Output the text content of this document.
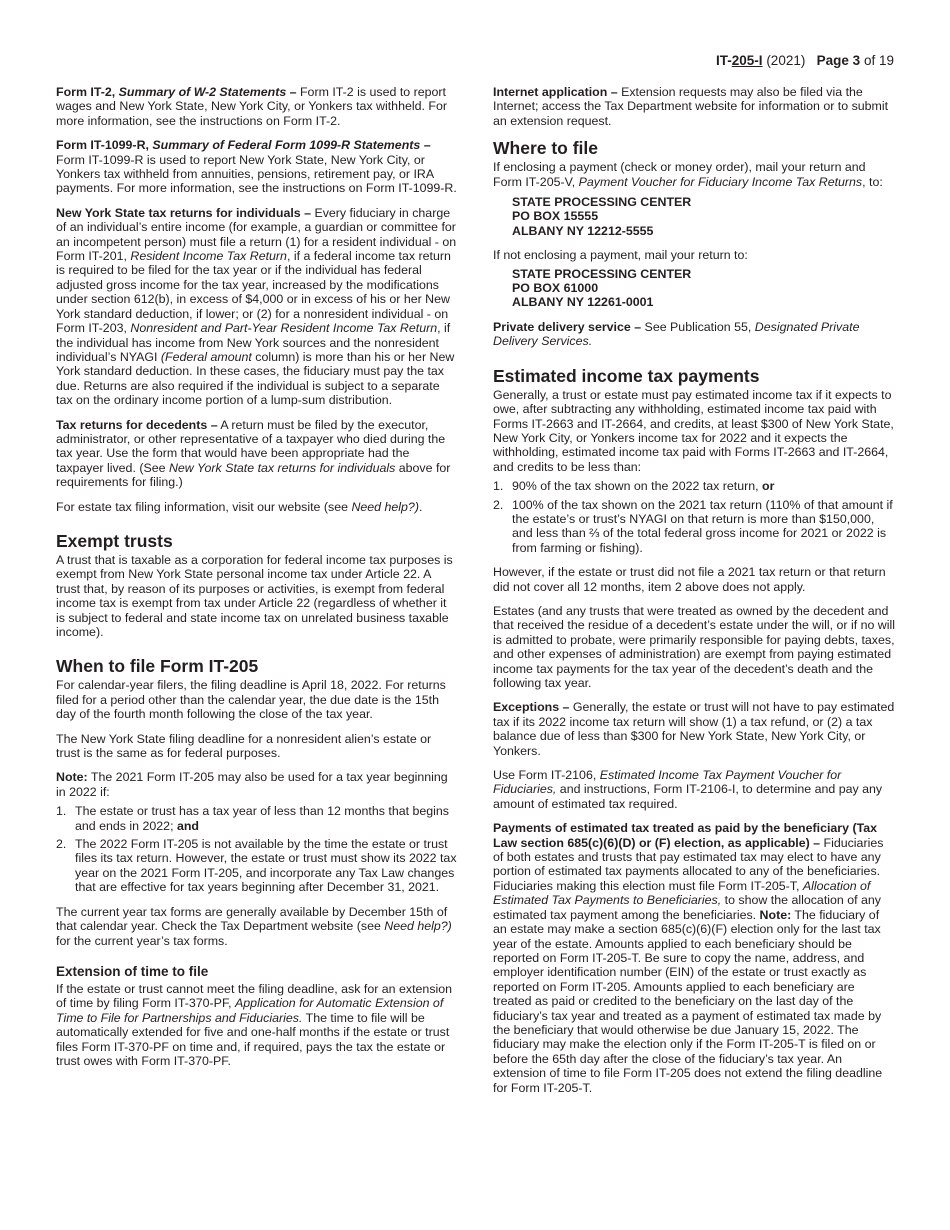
IT-205-I (2021) Page 3 of 19

Form IT-2, Summary of W-2 Statements – Form IT-2 is used to report wages and New York State, New York City, or Yonkers tax withheld. For more information, see the instructions on Form IT-2.

Form IT-1099-R, Summary of Federal Form 1099-R Statements – Form IT-1099-R is used to report New York State, New York City, or Yonkers tax withheld from annuities, pensions, retirement pay, or IRA payments. For more information, see the instructions on Form IT-1099-R.

New York State tax returns for individuals – Every fiduciary in charge of an individual’s entire income (for example, a guardian or committee for an incompetent person) must file a return (1) for a resident individual - on Form IT-201, Resident Income Tax Return, if a federal income tax return is required to be filed for the tax year or if the individual has federal adjusted gross income for the tax year, increased by the modifications under section 612(b), in excess of $4,000 or in excess of his or her New York standard deduction, if lower; or (2) for a nonresident individual - on Form IT-203, Nonresident and Part-Year Resident Income Tax Return, if the individual has income from New York sources and the nonresident individual’s NYAGI (Federal amount column) is more than his or her New York standard deduction. In these cases, the fiduciary must pay the tax due. Returns are also required if the individual is subject to a separate tax on the ordinary income portion of a lump-sum distribution.

Tax returns for decedents – A return must be filed by the executor, administrator, or other representative of a taxpayer who died during the tax year. Use the form that would have been appropriate had the taxpayer lived. (See New York State tax returns for individuals above for requirements for filing.)

For estate tax filing information, visit our website (see Need help?).

Exempt trusts

A trust that is taxable as a corporation for federal income tax purposes is exempt from New York State personal income tax under Article 22. A trust that, by reason of its purposes or activities, is exempt from federal income tax is exempt from tax under Article 22 (regardless of whether it is subject to federal and state income tax on unrelated business taxable income).

When to file Form IT-205

For calendar-year filers, the filing deadline is April 18, 2022. For returns filed for a period other than the calendar year, the due date is the 15th day of the fourth month following the close of the tax year.

The New York State filing deadline for a nonresident alien’s estate or trust is the same as for federal purposes.

Note: The 2021 Form IT-205 may also be used for a tax year beginning in 2022 if:

1. The estate or trust has a tax year of less than 12 months that begins and ends in 2022; and
2. The 2022 Form IT-205 is not available by the time the estate or trust files its tax return. However, the estate or trust must show its 2022 tax year on the 2021 Form IT-205, and incorporate any Tax Law changes that are effective for tax years beginning after December 31, 2021.

The current year tax forms are generally available by December 15th of that calendar year. Check the Tax Department website (see Need help?) for the current year’s tax forms.

Extension of time to file

If the estate or trust cannot meet the filing deadline, ask for an extension of time by filing Form IT-370-PF, Application for Automatic Extension of Time to File for Partnerships and Fiduciaries. The time to file will be automatically extended for five and one-half months if the estate or trust files Form IT-370-PF on time and, if required, pays the tax the estate or trust owes with Form IT-370-PF.

Internet application – Extension requests may also be filed via the Internet; access the Tax Department website for information or to submit an extension request.

Where to file

If enclosing a payment (check or money order), mail your return and Form IT-205-V, Payment Voucher for Fiduciary Income Tax Returns, to:

STATE PROCESSING CENTER
PO BOX 15555
ALBANY NY 12212-5555

If not enclosing a payment, mail your return to:

STATE PROCESSING CENTER
PO BOX 61000
ALBANY NY 12261-0001

Private delivery service – See Publication 55, Designated Private Delivery Services.

Estimated income tax payments

Generally, a trust or estate must pay estimated income tax if it expects to owe, after subtracting any withholding, estimated income tax paid with Forms IT-2663 and IT-2664, and credits, at least $300 of New York State, New York City, or Yonkers income tax for 2022 and it expects the withholding, estimated income tax paid with Forms IT-2663 and IT-2664, and credits to be less than:

1. 90% of the tax shown on the 2022 tax return, or
2. 100% of the tax shown on the 2021 tax return (110% of that amount if the estate’s or trust’s NYAGI on that return is more than $150,000, and less than ⅔ of the total federal gross income for 2021 or 2022 is from farming or fishing).

However, if the estate or trust did not file a 2021 tax return or that return did not cover all 12 months, item 2 above does not apply.

Estates (and any trusts that were treated as owned by the decedent and that received the residue of a decedent’s estate under the will, or if no will is admitted to probate, were primarily responsible for paying debts, taxes, and other expenses of administration) are exempt from paying estimated income tax payments for the tax year of the decedent’s death and the following tax year.

Exceptions – Generally, the estate or trust will not have to pay estimated tax if its 2022 income tax return will show (1) a tax refund, or (2) a tax balance due of less than $300 for New York State, New York City, or Yonkers.

Use Form IT-2106, Estimated Income Tax Payment Voucher for Fiduciaries, and instructions, Form IT-2106-I, to determine and pay any amount of estimated tax required.

Payments of estimated tax treated as paid by the beneficiary (Tax Law section 685(c)(6)(D) or (F) election, as applicable) – Fiduciaries of both estates and trusts that pay estimated tax may elect to have any portion of estimated tax payments allocated to any of the beneficiaries. Fiduciaries making this election must file Form IT-205-T, Allocation of Estimated Tax Payments to Beneficiaries, to show the allocation of any estimated tax payment among the beneficiaries. Note: The fiduciary of an estate may make a section 685(c)(6)(F) election only for the last tax year of the estate. Amounts applied to each beneficiary should be reported on Form IT-205-T. Be sure to copy the name, address, and employer identification number (EIN) of the estate or trust exactly as reported on Form IT-205. Amounts applied to each beneficiary are treated as paid or credited to the beneficiary on the last day of the fiduciary’s tax year and treated as a payment of estimated tax made by the beneficiary that would otherwise be due January 15, 2022. The fiduciary may make the election only if the Form IT-205-T is filed on or before the 65th day after the close of the fiduciary’s tax year. An extension of time to file Form IT-205 does not extend the filing deadline for Form IT-205-T.
